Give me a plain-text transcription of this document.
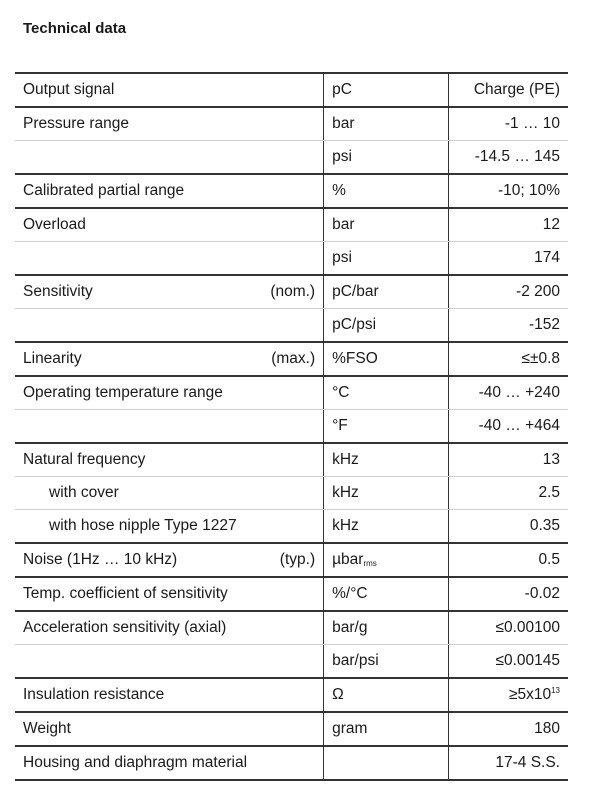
Technical data
Output signal	pC	Charge (PE)
Pressure range	bar	-1 … 10
	psi	-14.5 … 145
Calibrated partial range	%	-10; 10%
Overload	bar	12
	psi	174

Sensitivity (nom.)	pC/bar	-2 200
	pC/psi	-152

Linearity (max.)	%FSO	≤±0.8
Operating temperature range	°C	-40 … +240
	°F	-40 … +464
Natural frequency	kHz	13
with cover	kHz	2.5
with hose nipple Type 1227	kHz	0.35

Noise (1Hz … 10 kHz) (typ.)	µbar$_{rms}$	0.5
Temp. coefficient of sensitivity	%/°C	-0.02
Acceleration sensitivity (axial)	bar/g	≤0.00100
	bar/psi	≤0.00145
Insulation resistance	Ω	$\ge 5x10^{13}$
Weight	gram	180
Housing and diaphragm material		17-4 S.S.
